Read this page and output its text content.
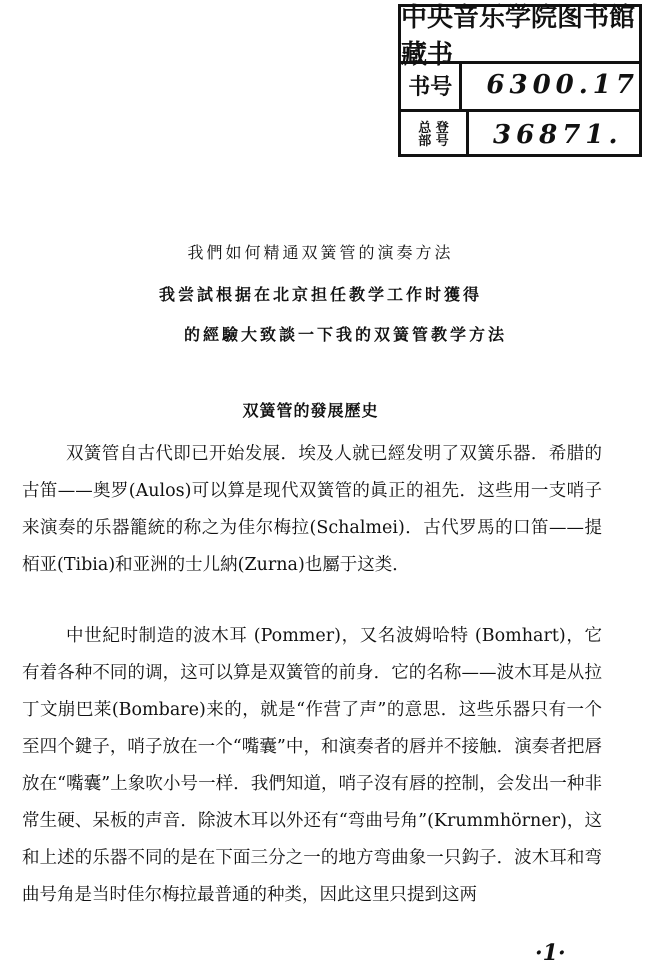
中央音乐学院图书館藏书
书号	6300.17
总 登
部 号	36871.
我們如何精通双簧管的演奏方法
我尝試根据在北京担任教学工作时獲得
的經驗大致談一下我的双簧管教学方法
双簧管的發展歷史
双簧管自古代即已开始发展．埃及人就已經发明了双簧乐器．希腊的古笛——奥罗(Aulos)可以算是现代双簧管的眞正的祖先．这些用一支哨子来演奏的乐器籠統的称之为佳尔梅拉(Schalmei)．古代罗馬的口笛——提栢亚(Tibia)和亚洲的士儿納(Zurna)也屬于这类．
中世紀时制造的波木耳 (Pommer)，又名波姆哈特 (Bomhart)，它有着各种不同的调，这可以算是双簧管的前身．它的名称——波木耳是从拉丁文崩巴莱(Bombare)来的，就是“作营了声”的意思．这些乐器只有一个至四个鍵子，哨子放在一个“嘴囊”中，和演奏者的唇并不接触．演奏者把唇放在“嘴囊”上象吹小号一样．我們知道，哨子沒有唇的控制，会发出一种非常生硬、呆板的声音．除波木耳以外还有“弯曲号角”(Krummhörner)，这和上述的乐器不同的是在下面三分之一的地方弯曲象一只鈎子．波木耳和弯曲号角是当时佳尔梅拉最普通的种类，因此这里只提到这两
·1·
